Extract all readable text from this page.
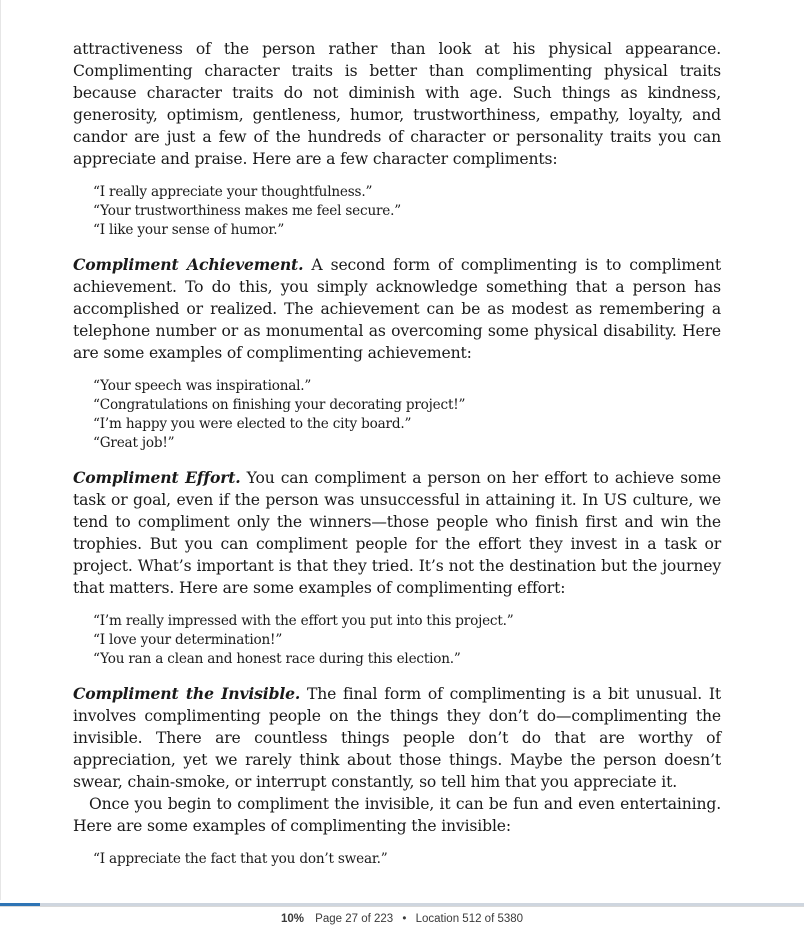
attractiveness of the person rather than look at his physical appearance. Complimenting character traits is better than complimenting physical traits because character traits do not diminish with age. Such things as kindness, generosity, optimism, gentleness, humor, trustworthiness, empathy, loyalty, and candor are just a few of the hundreds of character or personality traits you can appreciate and praise. Here are a few character compliments:

“I really appreciate your thoughtfulness.”
“Your trustworthiness makes me feel secure.”
“I like your sense of humor.”

Compliment Achievement. A second form of complimenting is to compliment achievement. To do this, you simply acknowledge something that a person has accomplished or realized. The achievement can be as modest as remembering a telephone number or as monumental as overcoming some physical disability. Here are some examples of complimenting achievement:

“Your speech was inspirational.”
“Congratulations on finishing your decorating project!”
“I’m happy you were elected to the city board.”
“Great job!”

Compliment Effort. You can compliment a person on her effort to achieve some task or goal, even if the person was unsuccessful in attaining it. In US culture, we tend to compliment only the winners—those people who finish first and win the trophies. But you can compliment people for the effort they invest in a task or project. What’s important is that they tried. It’s not the destination but the journey that matters. Here are some examples of complimenting effort:

“I’m really impressed with the effort you put into this project.”
“I love your determination!”
“You ran a clean and honest race during this election.”

Compliment the Invisible. The final form of complimenting is a bit unusual. It involves complimenting people on the things they don’t do—complimenting the invisible. There are countless things people don’t do that are worthy of appreciation, yet we rarely think about those things. Maybe the person doesn’t swear, chain-smoke, or interrupt constantly, so tell him that you appreciate it.

Once you begin to compliment the invisible, it can be fun and even entertaining. Here are some examples of complimenting the invisible:

“I appreciate the fact that you don’t swear.”
10% Page 27 of 223 • Location 512 of 5380
